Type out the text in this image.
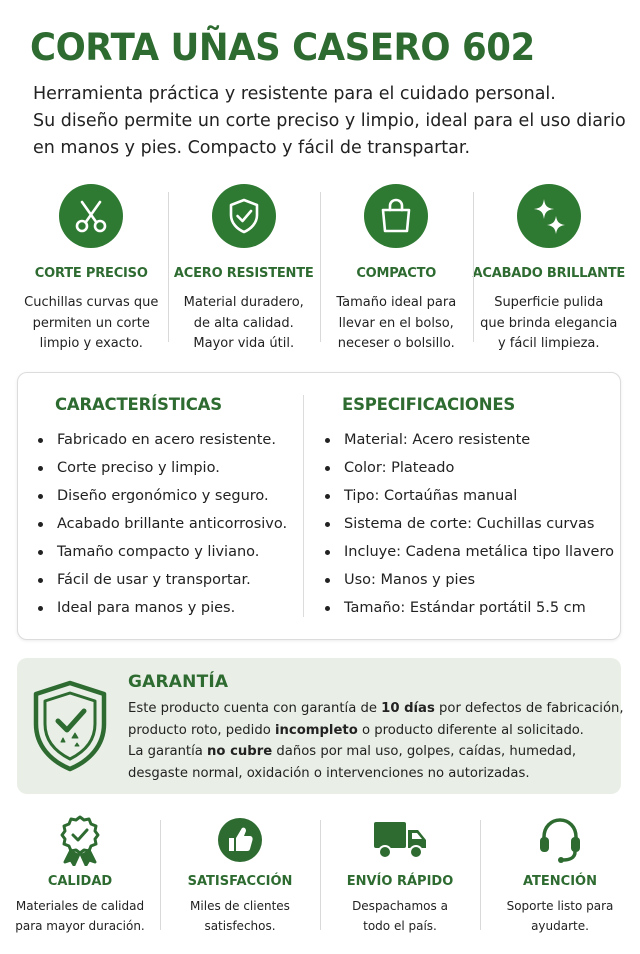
CORTA UÑAS CASERO 602

Herramienta práctica y resistente para el cuidado personal.

Su diseño permite un corte preciso y limpio, ideal para el uso diario

en manos y pies. Compacto y fácil de transpartar.

CORTE PRECISO

Cuchillas curvas que
permiten un corte
limpio y exacto.

ACERO RESISTENTE

Material duradero,
de alta calidad.
Mayor vida útil.

COMPACTO

Tamaño ideal para
llevar en el bolso,
neceser o bolsillo.

ACABADO BRILLANTE

Superficie pulida
que brinda elegancia
y fácil limpieza.

CARACTERÍSTICAS
Fabricado en acero resistente.
Corte preciso y limpio.
Diseño ergonómico y seguro.
Acabado brillante anticorrosivo.
Tamaño compacto y liviano.
Fácil de usar y transportar.
Ideal para manos y pies.
ESPECIFICACIONES
Material: Acero resistente
Color: Plateado
Tipo: Cortaúñas manual
Sistema de corte: Cuchillas curvas
Incluye: Cadena metálica tipo llavero
Uso: Manos y pies
Tamaño: Estándar portátil 5.5 cm
GARANTÍA
Este producto cuenta con garantía de 10 días por defectos de fabricación,
producto roto, pedido incompleto o producto diferente al solicitado.
La garantía no cubre daños por mal uso, golpes, caídas, humedad,
desgaste normal, oxidación o intervenciones no autorizadas.
CALIDAD

Materiales de calidad
para mayor duración.

SATISFACCIÓN

Miles de clientes
satisfechos.

ENVÍO RÁPIDO

Despachamos a
todo el país.

ATENCIÓN

Soporte listo para
ayudarte.
